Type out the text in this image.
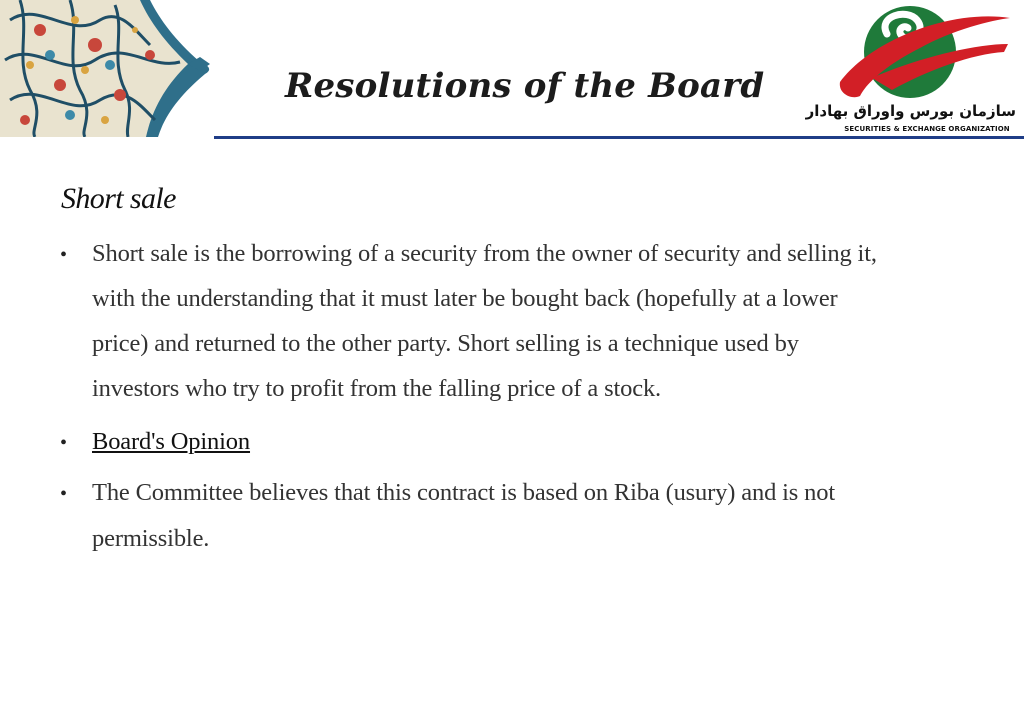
Resolutions of the Board
سازمان بورس واوراق بهادار
SECURITIES & EXCHANGE ORGANIZATION
Short sale
• Short sale is the borrowing of a security from the owner of security and selling it,
with the understanding that it must later be bought back (hopefully at a lower
price) and returned to the other party. Short selling is a technique used by
investors who try to profit from the falling price of a stock.
• Board's Opinion
• The Committee believes that this contract is based on Riba (usury) and is not
permissible.
